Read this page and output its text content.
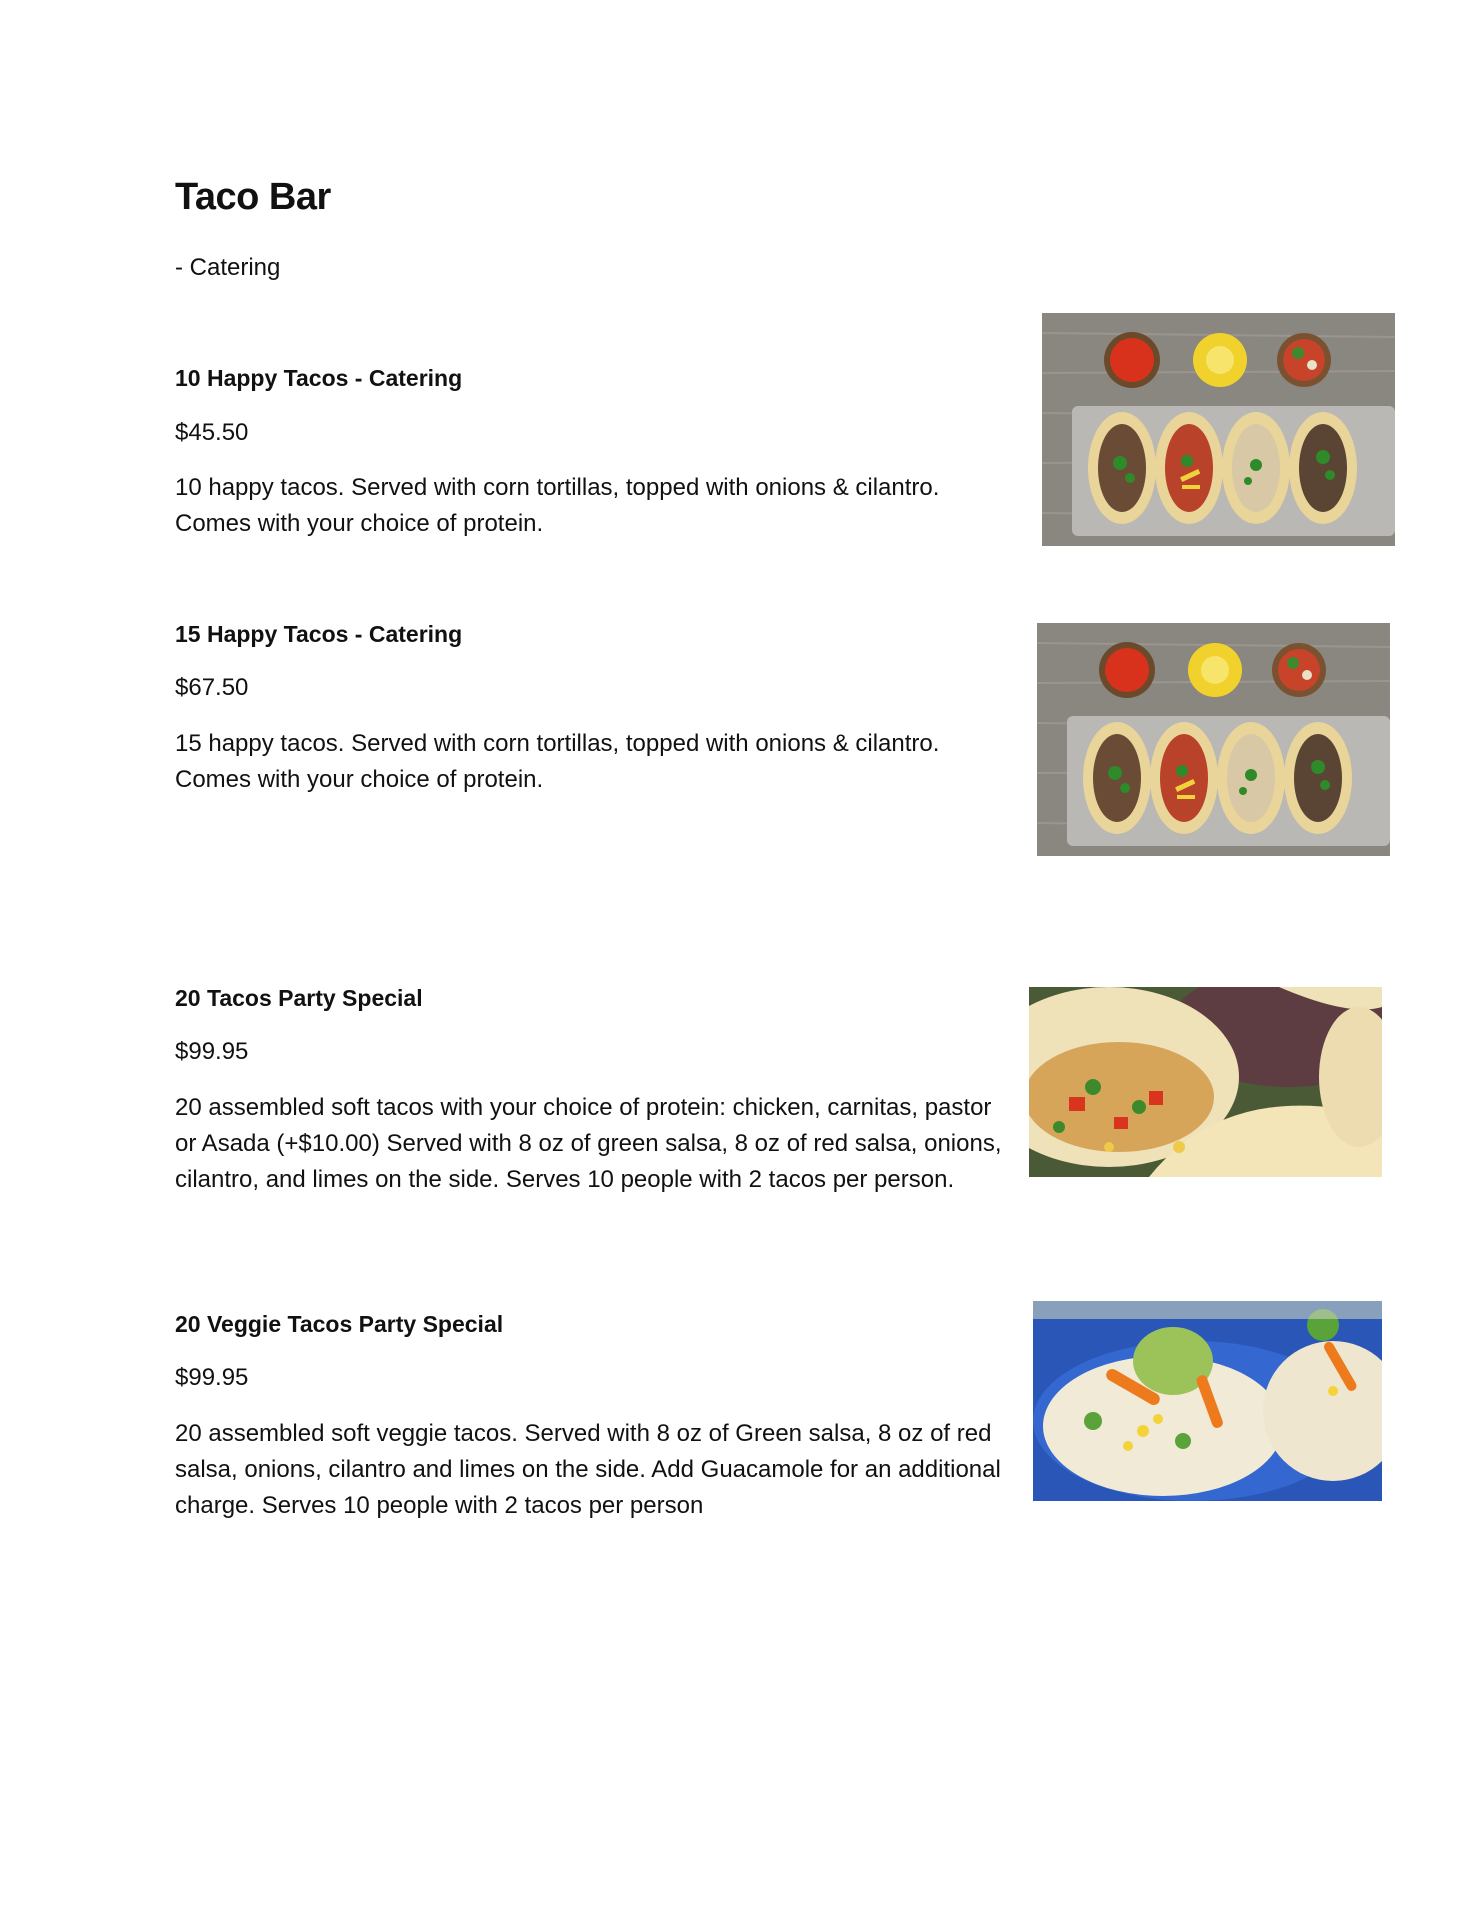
Taco Bar

- Catering

10 Happy Tacos - Catering

$45.50

10 happy tacos. Served with corn tortillas, topped with onions & cilantro. Comes with your choice of protein.

15 Happy Tacos - Catering

$67.50

15 happy tacos. Served with corn tortillas, topped with onions & cilantro. Comes with your choice of protein.

20 Tacos Party Special

$99.95

20 assembled soft tacos with your choice of protein: chicken, carnitas, pastor or Asada (+$10.00) Served with 8 oz of green salsa, 8 oz of red salsa, onions, cilantro, and limes on the side. Serves 10 people with 2 tacos per person.

20 Veggie Tacos Party Special

$99.95

20 assembled soft veggie tacos. Served with 8 oz of Green salsa, 8 oz of red salsa, onions, cilantro and limes on the side. Add Guacamole for an additional charge. Serves 10 people with 2 tacos per person
